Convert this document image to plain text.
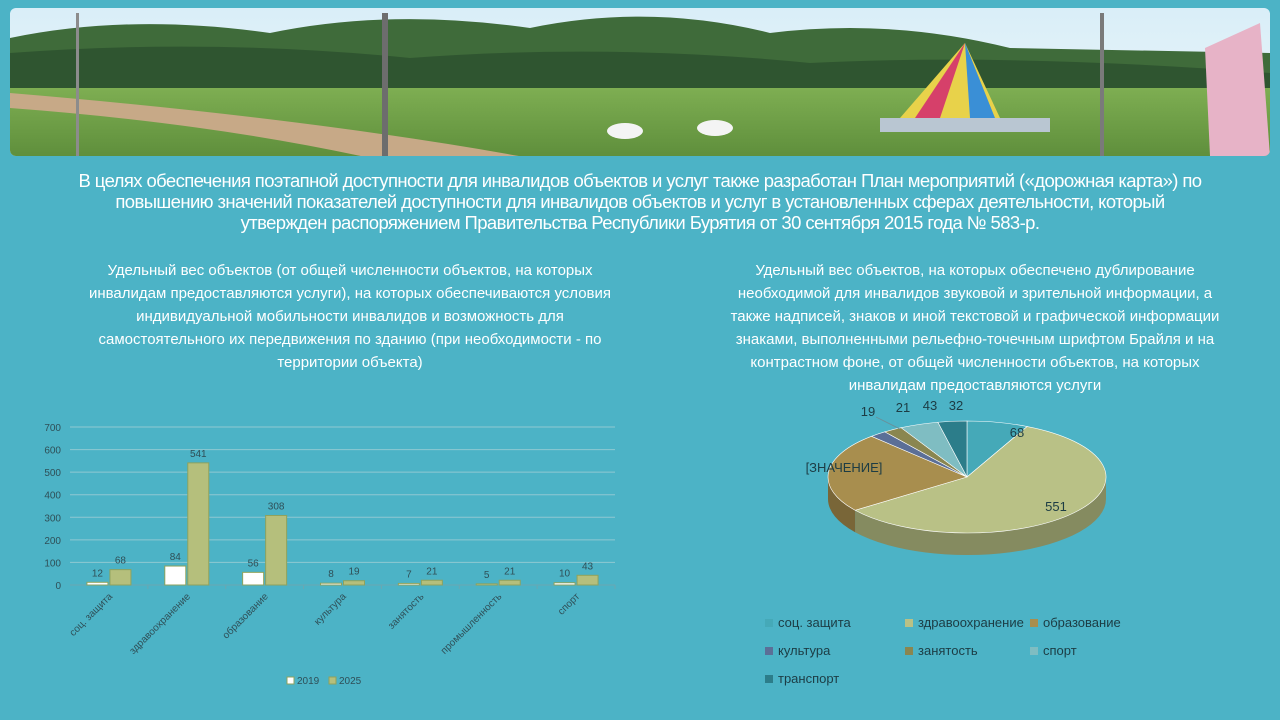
В целях обеспечения поэтапной доступности для инвалидов объектов и услуг также разработан План мероприятий («дорожная карта») по
повышению значений показателей доступности для инвалидов объектов и услуг в установленных сферах деятельности, который
утвержден распоряжением Правительства Республики Бурятия от 30 сентября 2015 года № 583-р.
Удельный вес объектов (от общей численности объектов, на которых
инвалидам предоставляются услуги), на которых обеспечиваются условия
индивидуальной мобильности инвалидов и возможность для
самостоятельного их передвижения по зданию (при необходимости - по
территории объекта)
Удельный вес объектов, на которых обеспечено дублирование
необходимой для инвалидов звуковой и зрительной информации, а
также надписей, знаков и иной текстовой и графической информации
знаками, выполненными рельефно-точечным шрифтом Брайля и на
контрастном фоне, от общей численности объектов, на которых
инвалидам предоставляются услуги
0
100
200
300
400
500
600
700
12
68
соц. защита
84
541
здравоохранение
56
308
образование
8 19
культура
7 21
занятость
5 21
промышленность
10
43
спорт
2019 2025
68
551
[ЗНАЧЕНИЕ]
19 21 43 32
соц. защита	здравоохранение образование
культура	занятость	спорт
транспорт
